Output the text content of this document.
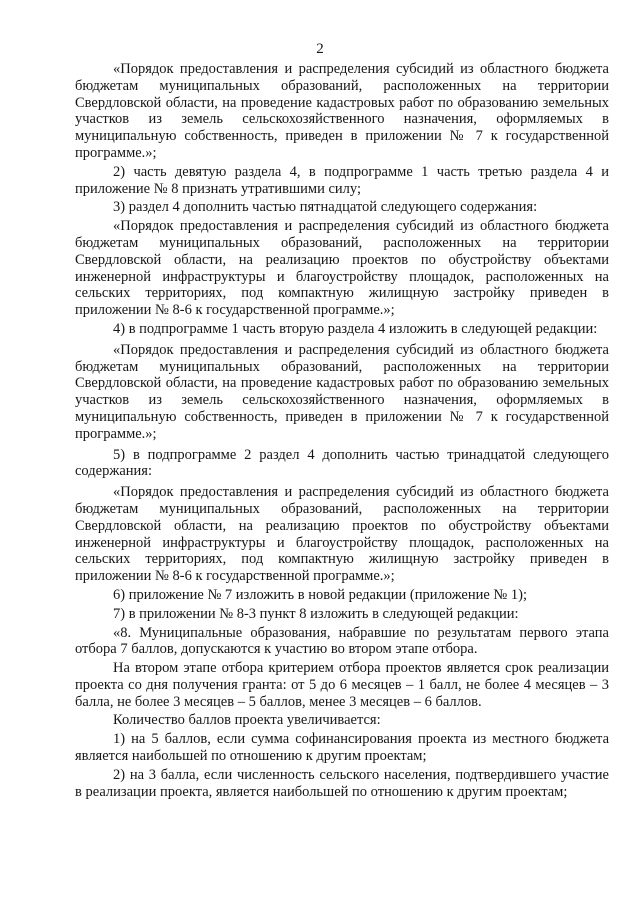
2

«Порядок предоставления и распределения субсидий из областного бюджета бюджетам муниципальных образований, расположенных на территории Свердловской области, на проведение кадастровых работ по образованию земельных участков из земель сельскохозяйственного назначения, оформляемых в муниципальную собственность, приведен в приложении № 7 к государственной программе.»;

2) часть девятую раздела 4, в подпрограмме 1 часть третью раздела 4 и приложение № 8 признать утратившими силу;

3) раздел 4 дополнить частью пятнадцатой следующего содержания:

«Порядок предоставления и распределения субсидий из областного бюджета бюджетам муниципальных образований, расположенных на территории Свердловской области, на реализацию проектов по обустройству объектами инженерной инфраструктуры и благоустройству площадок, расположенных на сельских территориях, под компактную жилищную застройку приведен в приложении № 8-6 к государственной программе.»;

4) в подпрограмме 1 часть вторую раздела 4 изложить в следующей редакции:

«Порядок предоставления и распределения субсидий из областного бюджета бюджетам муниципальных образований, расположенных на территории Свердловской области, на проведение кадастровых работ по образованию земельных участков из земель сельскохозяйственного назначения, оформляемых в муниципальную собственность, приведен в приложении № 7 к государственной программе.»;

5) в подпрограмме 2 раздел 4 дополнить частью тринадцатой следующего содержания:

«Порядок предоставления и распределения субсидий из областного бюджета бюджетам муниципальных образований, расположенных на территории Свердловской области, на реализацию проектов по обустройству объектами инженерной инфраструктуры и благоустройству площадок, расположенных на сельских территориях, под компактную жилищную застройку приведен в приложении № 8-6 к государственной программе.»;

6) приложение № 7 изложить в новой редакции (приложение № 1);

7) в приложении № 8-3 пункт 8 изложить в следующей редакции:

«8. Муниципальные образования, набравшие по результатам первого этапа отбора 7 баллов, допускаются к участию во втором этапе отбора.

На втором этапе отбора критерием отбора проектов является срок реализации проекта со дня получения гранта: от 5 до 6 месяцев – 1 балл, не более 4 месяцев – 3 балла, не более 3 месяцев – 5 баллов, менее 3 месяцев – 6 баллов.

Количество баллов проекта увеличивается:

1) на 5 баллов, если сумма софинансирования проекта из местного бюджета является наибольшей по отношению к другим проектам;

2) на 3 балла, если численность сельского населения, подтвердившего участие в реализации проекта, является наибольшей по отношению к другим проектам;
